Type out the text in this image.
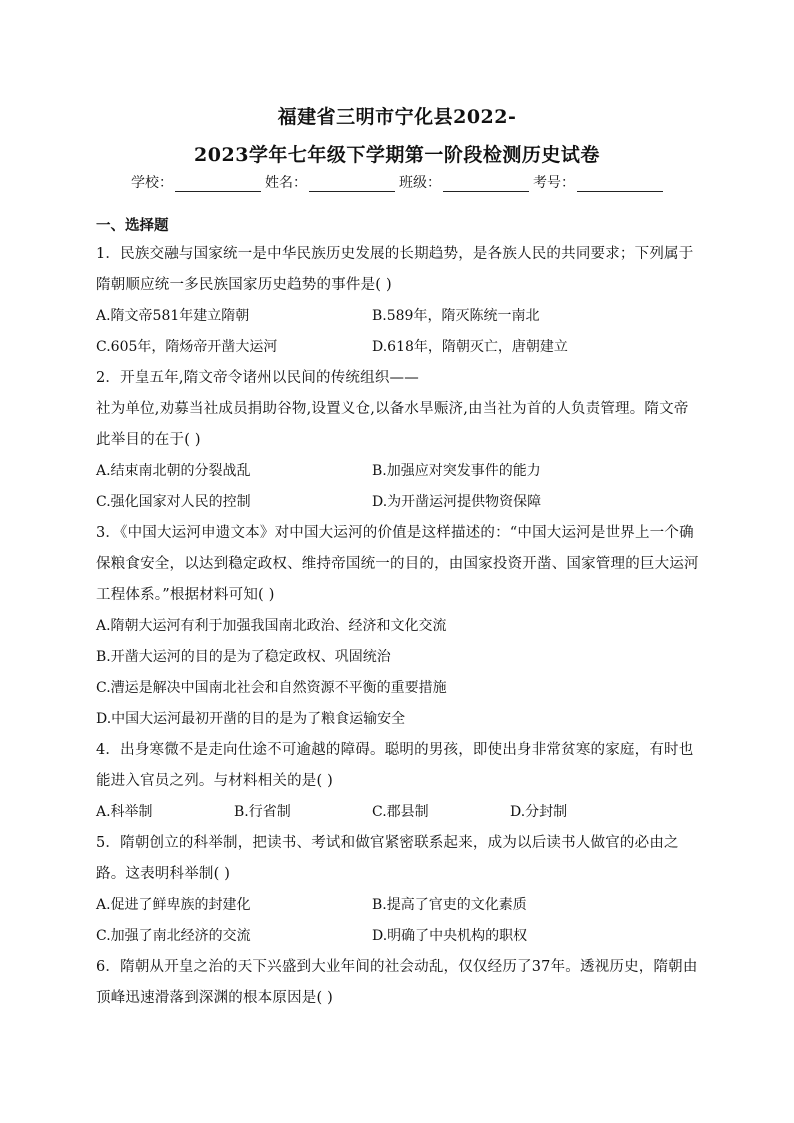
福建省三明市宁化县2022-
2023学年七年级下学期第一阶段检测历史试卷
学校：	姓名：	班级：	考号：
一、选择题

1．民族交融与国家统一是中华民族历史发展的长期趋势，是各族人民的共同要求；下列属于隋朝顺应统一多民族国家历史趋势的事件是( )

A.隋文帝581年建立隋朝	B.589年，隋灭陈统一南北
C.605年，隋炀帝开凿大运河	D.618年，隋朝灭亡，唐朝建立

2．开皇五年,隋文帝令诸州以民间的传统组织——

社为单位,劝募当社成员捐助谷物,设置义仓,以备水旱赈济,由当社为首的人负责管理。隋文帝此举目的在于( )

A.结束南北朝的分裂战乱	B.加强应对突发事件的能力
C.强化国家对人民的控制	D.为开凿运河提供物资保障

3．《中国大运河申遗文本》对中国大运河的价值是这样描述的：“中国大运河是世界上一个确保粮食安全，以达到稳定政权、维持帝国统一的目的，由国家投资开凿、国家管理的巨大运河工程体系。”根据材料可知( )

A.隋朝大运河有利于加强我国南北政治、经济和文化交流
B.开凿大运河的目的是为了稳定政权、巩固统治
C.漕运是解决中国南北社会和自然资源不平衡的重要措施
D.中国大运河最初开凿的目的是为了粮食运输安全

4．出身寒微不是走向仕途不可逾越的障碍。聪明的男孩，即使出身非常贫寒的家庭，有时也能进入官员之列。与材料相关的是( )

A.科举制	B.行省制	C.郡县制	D.分封制

5．隋朝创立的科举制，把读书、考试和做官紧密联系起来，成为以后读书人做官的必由之路。这表明科举制( )

A.促进了鲜卑族的封建化	B.提高了官吏的文化素质
C.加强了南北经济的交流	D.明确了中央机构的职权

6．隋朝从开皇之治的天下兴盛到大业年间的社会动乱，仅仅经历了37年。透视历史，隋朝由顶峰迅速滑落到深渊的根本原因是( )
